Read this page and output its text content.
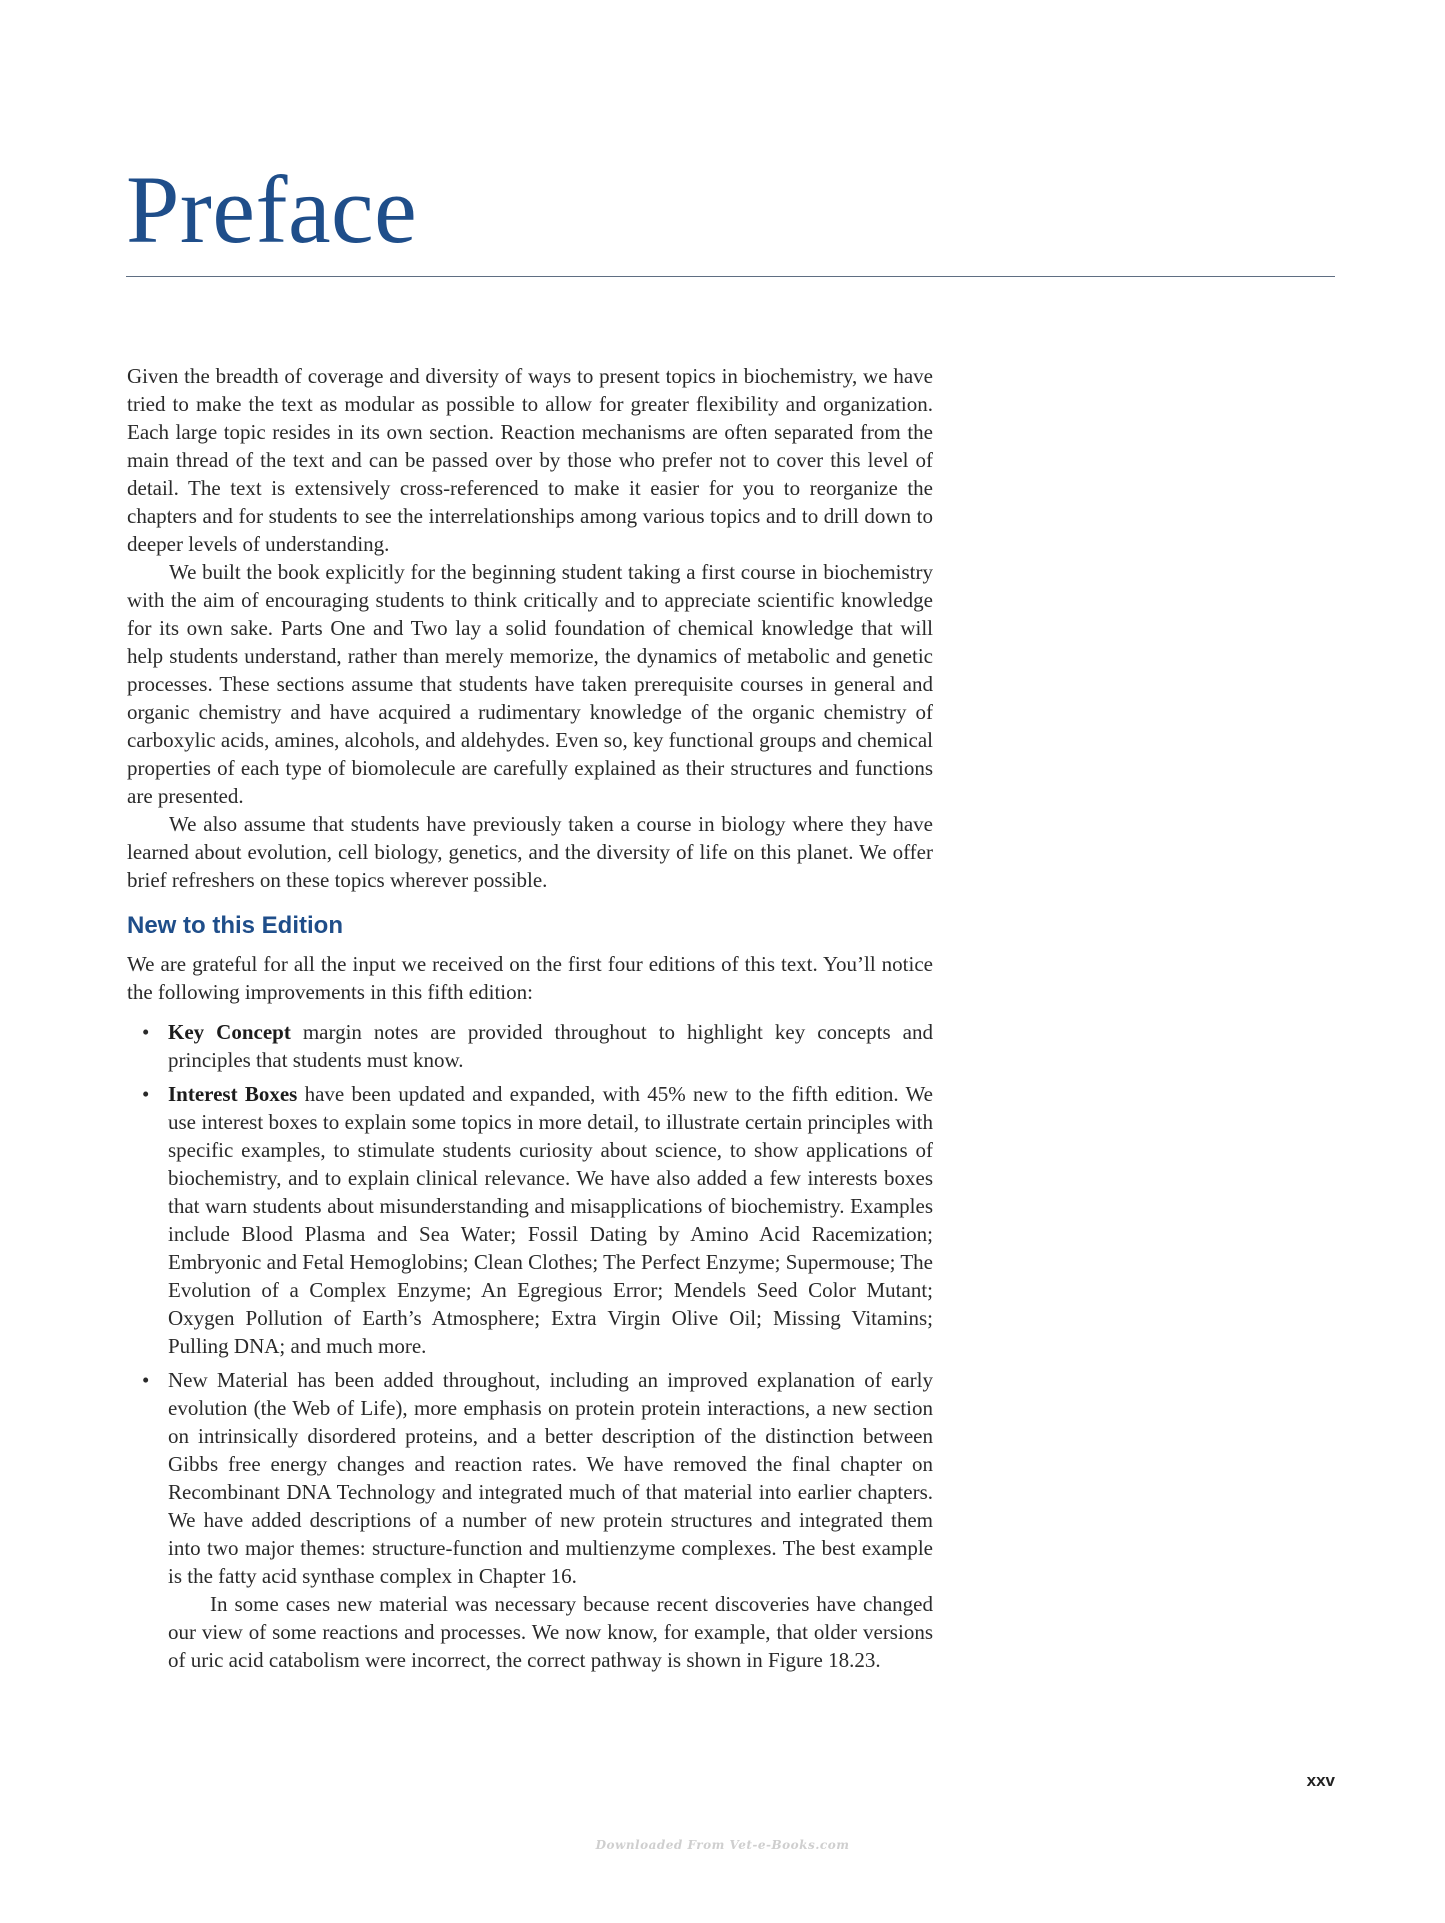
Preface

Given the breadth of coverage and diversity of ways to present topics in biochemistry, we have tried to make the text as modular as possible to allow for greater flexibility and organization. Each large topic resides in its own section. Reaction mechanisms are often separated from the main thread of the text and can be passed over by those who prefer not to cover this level of detail. The text is extensively cross-referenced to make it easier for you to reorganize the chapters and for students to see the interrelationships among various topics and to drill down to deeper levels of understanding.

We built the book explicitly for the beginning student taking a first course in biochemistry with the aim of encouraging students to think critically and to appreciate scientific knowledge for its own sake. Parts One and Two lay a solid foundation of chemical knowledge that will help students understand, rather than merely memorize, the dynamics of metabolic and genetic processes. These sections assume that students have taken prerequisite courses in general and organic chemistry and have acquired a rudimentary knowledge of the organic chemistry of carboxylic acids, amines, alcohols, and aldehydes. Even so, key functional groups and chemical properties of each type of biomolecule are carefully explained as their structures and functions are presented.

We also assume that students have previously taken a course in biology where they have learned about evolution, cell biology, genetics, and the diversity of life on this planet. We offer brief refreshers on these topics wherever possible.

New to this Edition

We are grateful for all the input we received on the first four editions of this text. You’ll notice the following improvements in this fifth edition:

• Key Concept margin notes are provided throughout to highlight key concepts and principles that students must know.
• Interest Boxes have been updated and expanded, with 45% new to the fifth edition. We use interest boxes to explain some topics in more detail, to illustrate certain principles with specific examples, to stimulate students curiosity about science, to show applications of biochemistry, and to explain clinical relevance. We have also added a few interests boxes that warn students about misunderstanding and misapplications of biochemistry. Examples include Blood Plasma and Sea Water; Fossil Dating by Amino Acid Racemization; Embryonic and Fetal Hemoglobins; Clean Clothes; The Perfect Enzyme; Supermouse; The Evolution of a Complex Enzyme; An Egregious Error; Mendels Seed Color Mutant; Oxygen Pollution of Earth’s Atmosphere; Extra Virgin Olive Oil; Missing Vitamins; Pulling DNA; and much more.
• New Material has been added throughout, including an improved explanation of early evolution (the Web of Life), more emphasis on protein protein interactions, a new section on intrinsically disordered proteins, and a better description of the distinction between Gibbs free energy changes and reaction rates. We have removed the final chapter on Recombinant DNA Technology and integrated much of that material into earlier chapters. We have added descriptions of a number of new protein structures and integrated them into two major themes: structure-function and multienzyme complexes. The best example is the fatty acid synthase complex in Chapter 16.

In some cases new material was necessary because recent discoveries have changed our view of some reactions and processes. We now know, for example, that older versions of uric acid catabolism were incorrect, the correct pathway is shown in Figure 18.23.

xxv
Downloaded From Vet-e-Books.com
